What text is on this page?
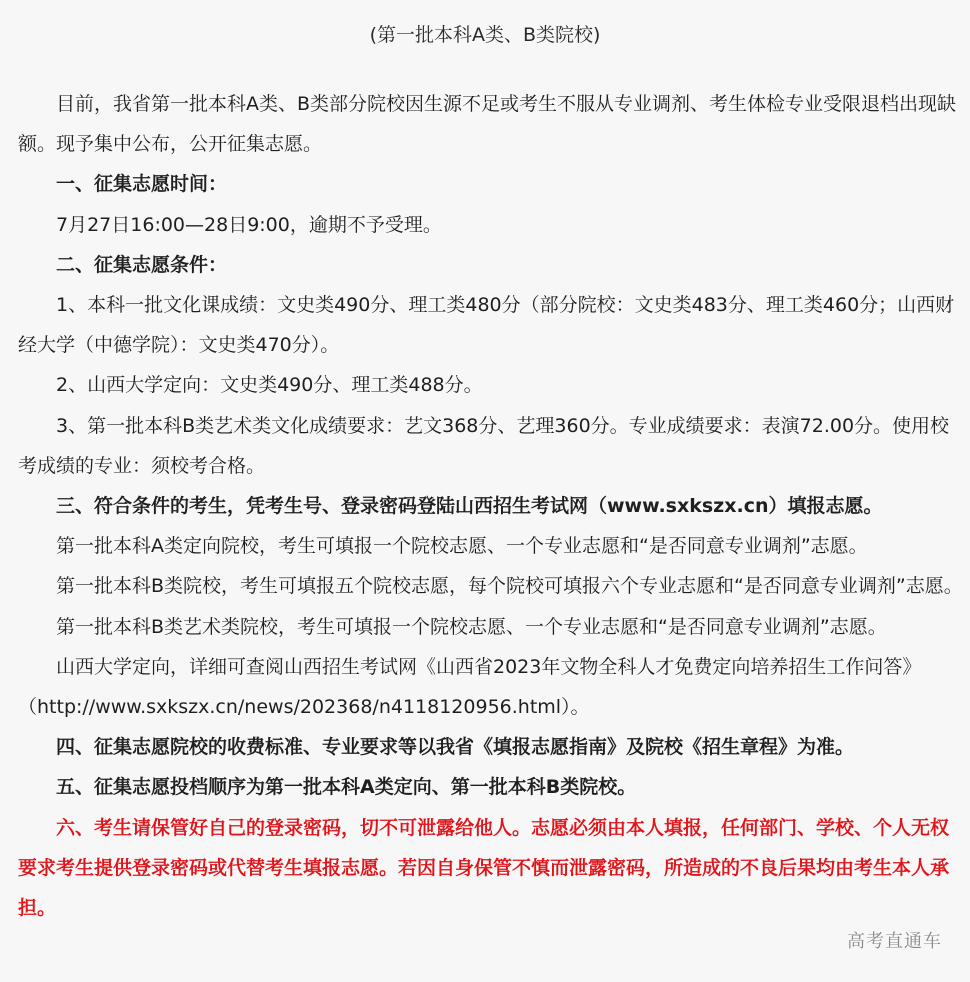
(第一批本科A类、B类院校)

目前，我省第一批本科A类、B类部分院校因生源不足或考生不服从专业调剂、考生体检专业受限退档出现缺额。现予集中公布，公开征集志愿。

一、征集志愿时间：

7月27日16:00—28日9:00，逾期不予受理。

二、征集志愿条件：

1、本科一批文化课成绩：文史类490分、理工类480分（部分院校：文史类483分、理工类460分；山西财经大学（中德学院）：文史类470分）。

2、山西大学定向：文史类490分、理工类488分。

3、第一批本科B类艺术类文化成绩要求：艺文368分、艺理360分。专业成绩要求：表演72.00分。使用校考成绩的专业：须校考合格。

三、符合条件的考生，凭考生号、登录密码登陆山西招生考试网（www.sxkszx.cn）填报志愿。

第一批本科A类定向院校，考生可填报一个院校志愿、一个专业志愿和“是否同意专业调剂”志愿。

第一批本科B类院校，考生可填报五个院校志愿，每个院校可填报六个专业志愿和“是否同意专业调剂”志愿。

第一批本科B类艺术类院校，考生可填报一个院校志愿、一个专业志愿和“是否同意专业调剂”志愿。

山西大学定向，详细可查阅山西招生考试网《山西省2023年文物全科人才免费定向培养招生工作问答》（http://www.sxkszx.cn/news/202368/n4118120956.html）。

四、征集志愿院校的收费标准、专业要求等以我省《填报志愿指南》及院校《招生章程》为准。

五、征集志愿投档顺序为第一批本科A类定向、第一批本科B类院校。

六、考生请保管好自己的登录密码，切不可泄露给他人。志愿必须由本人填报，任何部门、学校、个人无权要求考生提供登录密码或代替考生填报志愿。若因自身保管不慎而泄露密码，所造成的不良后果均由考生本人承担。

高考直通车
